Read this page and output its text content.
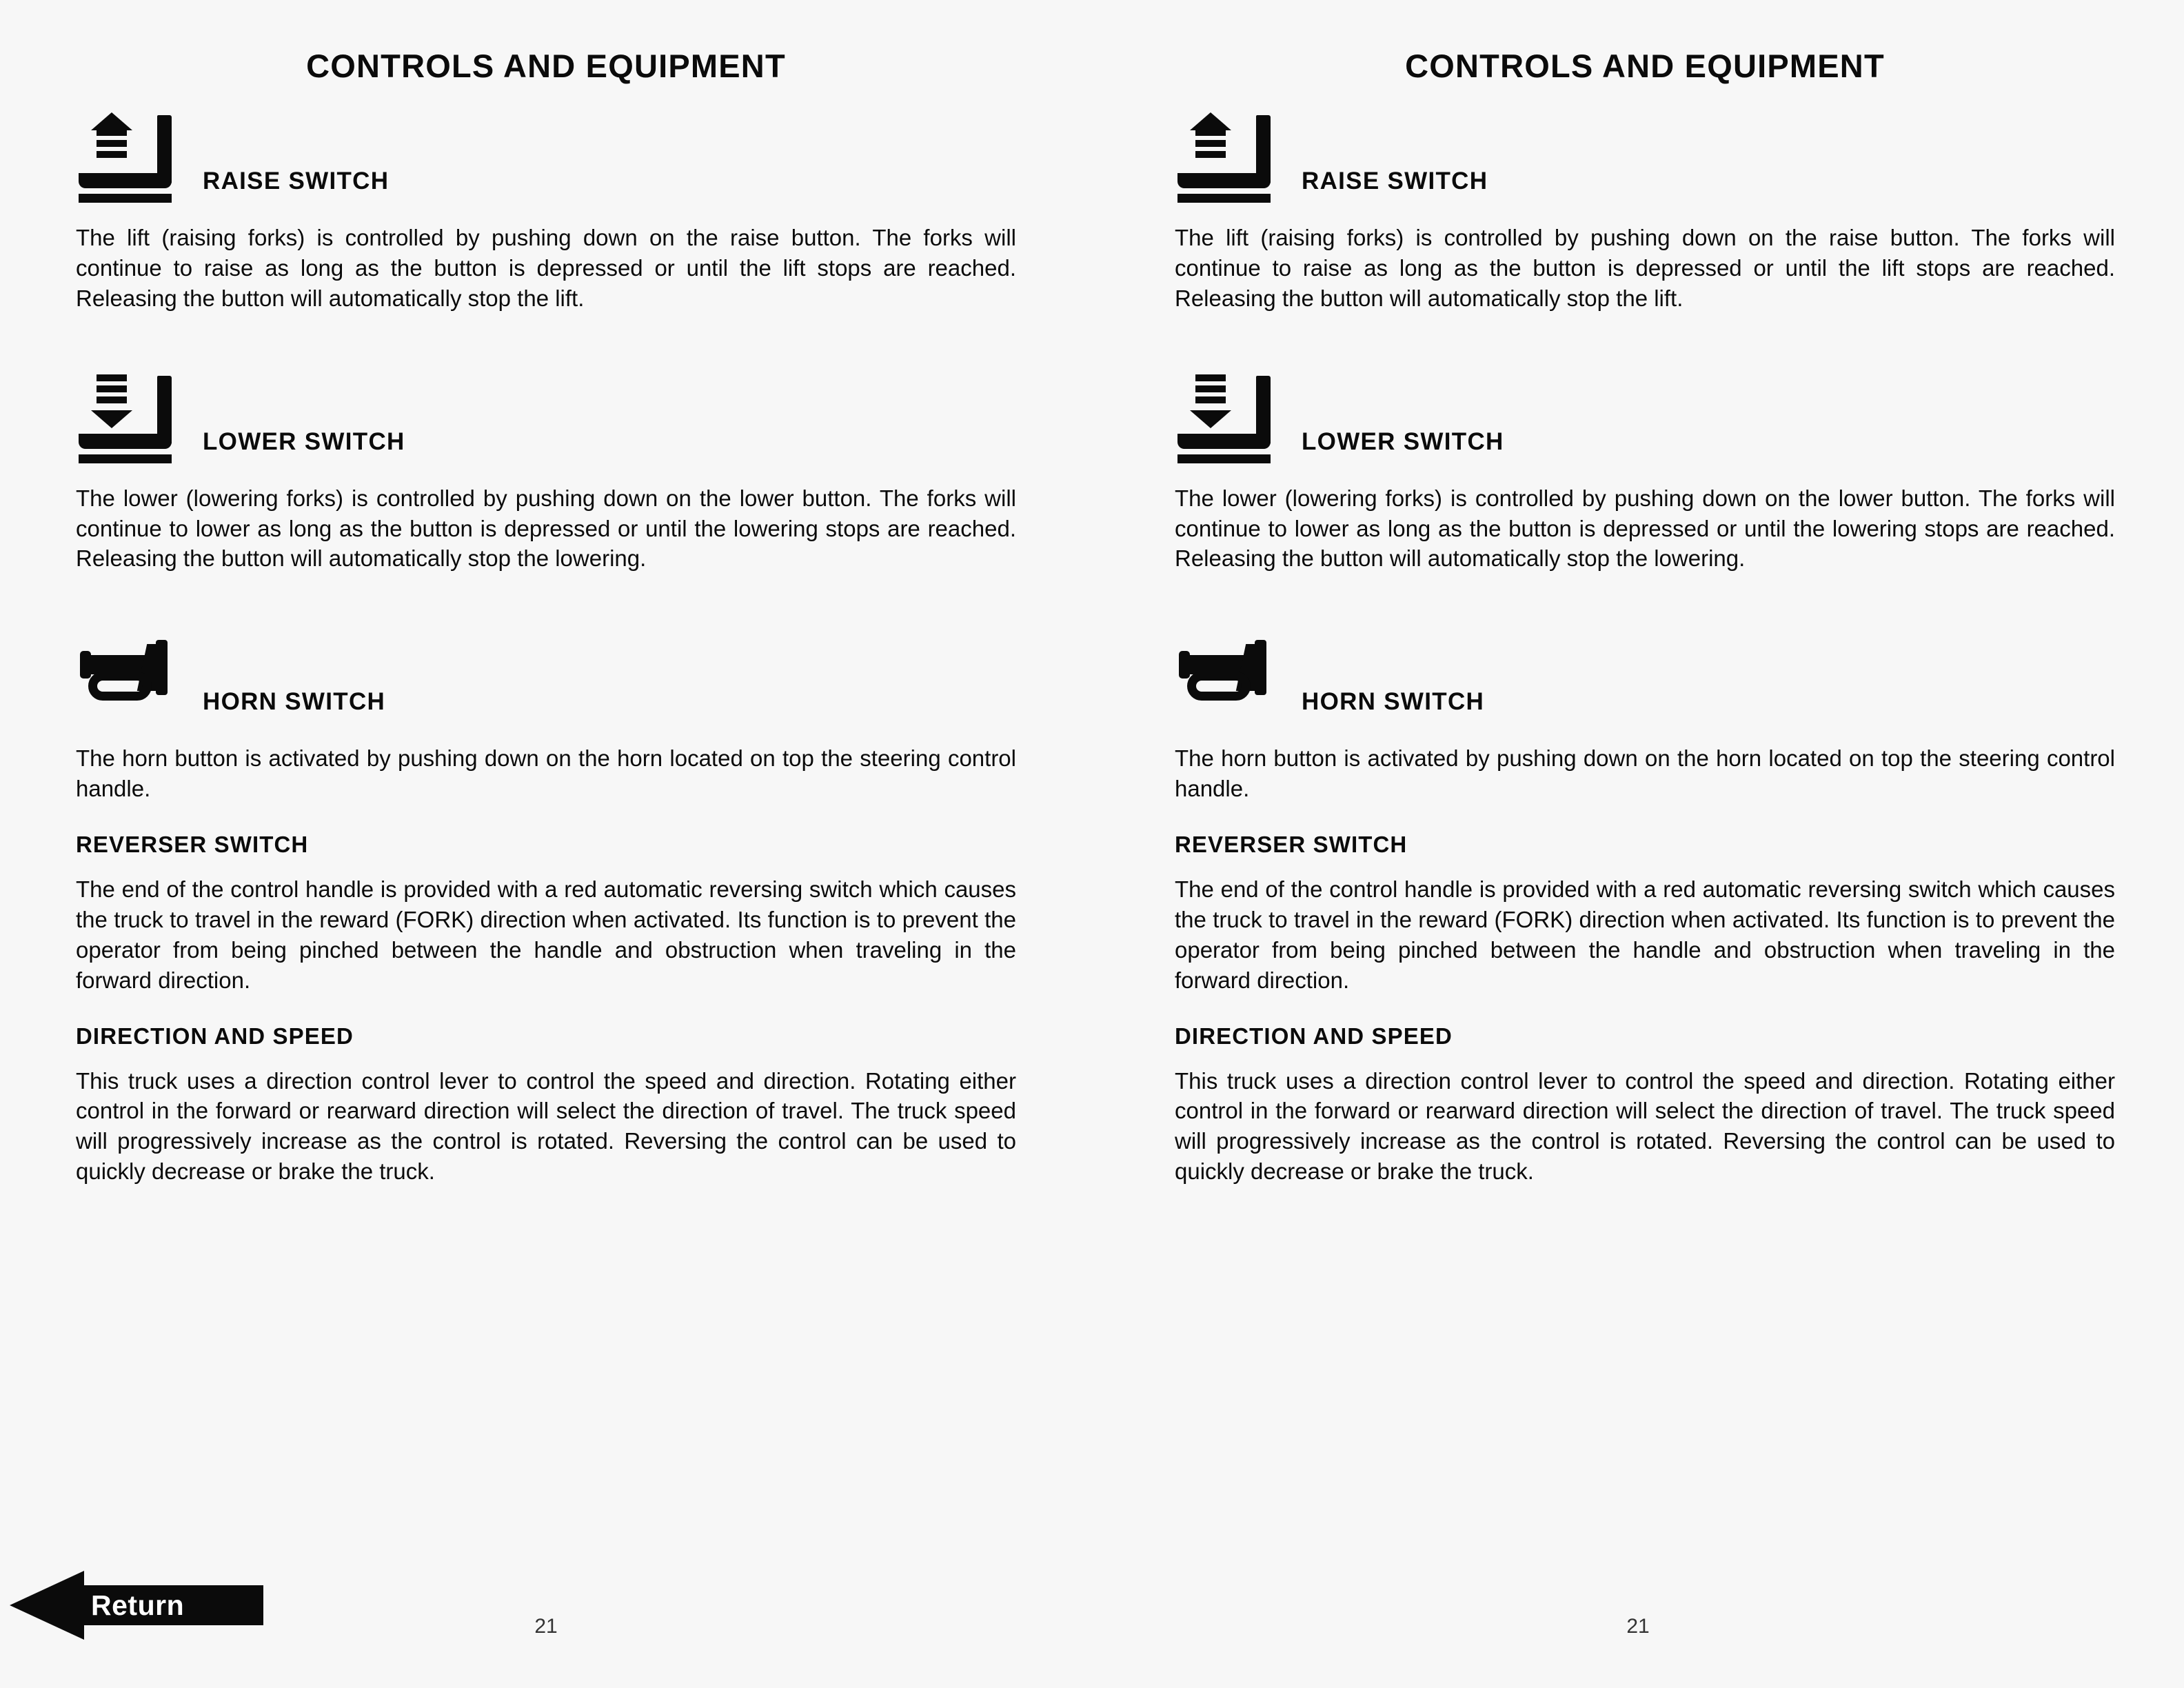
CONTROLS AND EQUIPMENT
RAISE SWITCH
The lift (raising forks) is controlled by pushing down on the raise button. The forks will continue to raise as long as the button is depressed or until the lift stops are reached. Releasing the button will automatically stop the lift.
LOWER SWITCH
The lower (lowering forks) is controlled by pushing down on the lower button. The forks will continue to lower as long as the button is depressed or until the lowering stops are reached. Releasing the button will automatically stop the lowering.
HORN SWITCH
The horn button is activated by pushing down on the horn located on top the steering control handle.
REVERSER SWITCH
The end of the control handle is provided with a red automatic reversing switch which causes the truck to travel in the reward (FORK) direction when activated. Its function is to prevent the operator from being pinched between the handle and obstruction when traveling in the forward direction.
DIRECTION AND SPEED
This truck uses a direction control lever to control the speed and direction. Rotating either control in the forward or rearward direction will select the direction of travel. The truck speed will progressively increase as the control is rotated. Reversing the control can be used to quickly decrease or brake the truck.
21
CONTROLS AND EQUIPMENT
RAISE SWITCH
The lift (raising forks) is controlled by pushing down on the raise button. The forks will continue to raise as long as the button is depressed or until the lift stops are reached. Releasing the button will automatically stop the lift.
LOWER SWITCH
The lower (lowering forks) is controlled by pushing down on the lower button. The forks will continue to lower as long as the button is depressed or until the lowering stops are reached. Releasing the button will automatically stop the lowering.
HORN SWITCH
The horn button is activated by pushing down on the horn located on top the steering control handle.
REVERSER SWITCH
The end of the control handle is provided with a red automatic reversing switch which causes the truck to travel in the reward (FORK) direction when activated. Its function is to prevent the operator from being pinched between the handle and obstruction when traveling in the forward direction.
DIRECTION AND SPEED
This truck uses a direction control lever to control the speed and direction. Rotating either control in the forward or rearward direction will select the direction of travel. The truck speed will progressively increase as the control is rotated. Reversing the control can be used to quickly decrease or brake the truck.
21
Return
